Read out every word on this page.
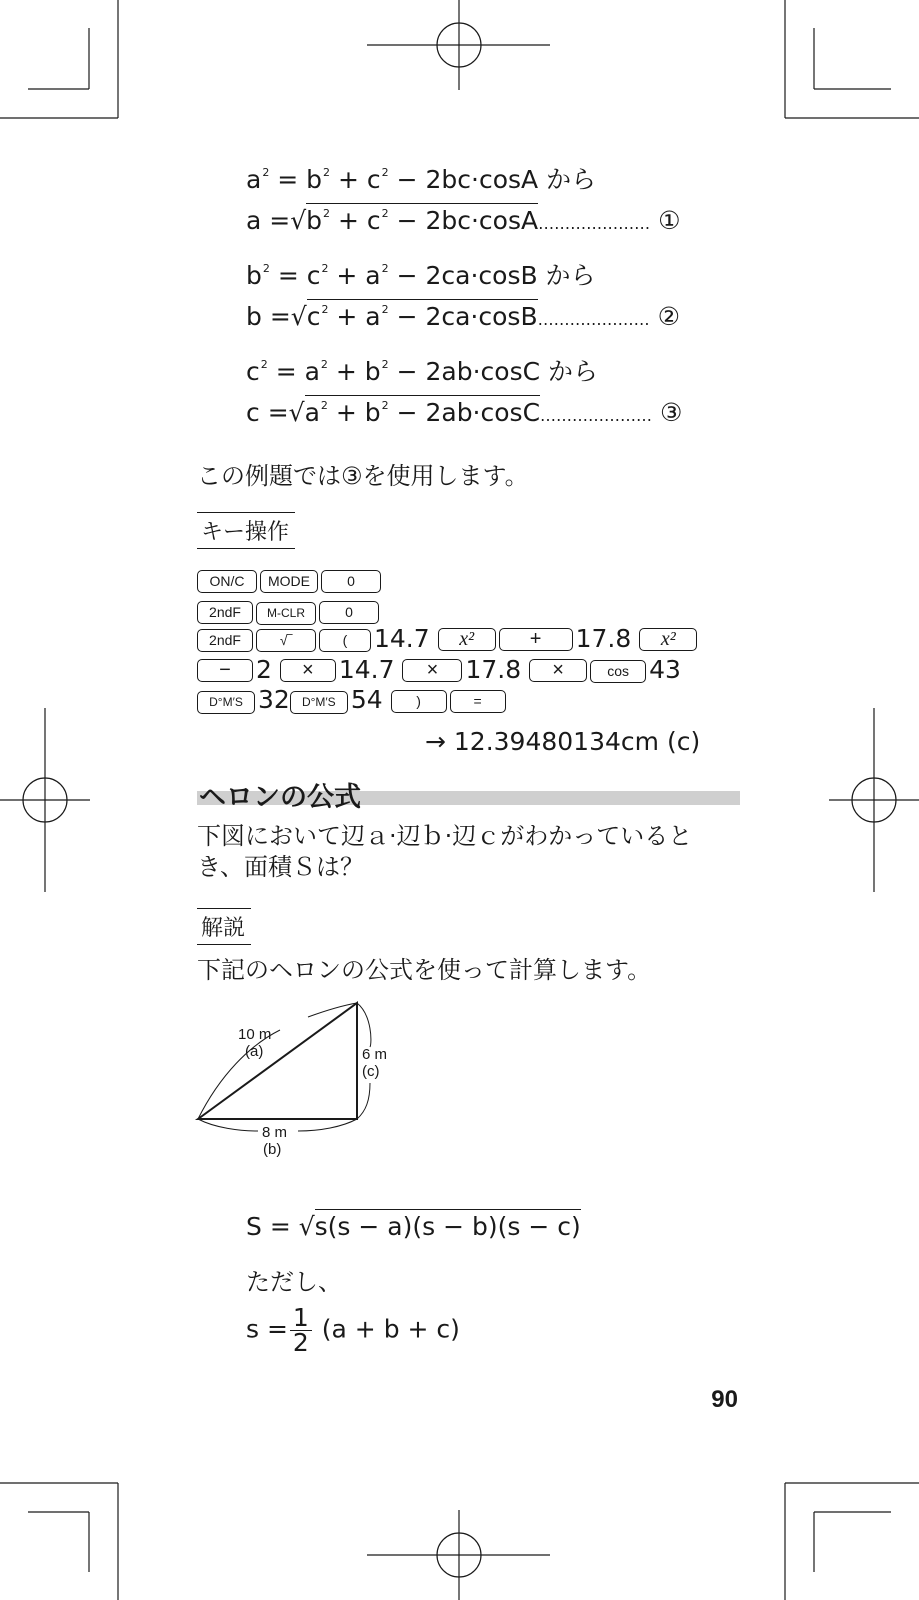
$a^2 = b^2 + c^2 - 2bc\cdot\cos A$ から
$a =√b^2 + c^2$ − 2bc·cosA………………… ①
$b^2 = c^2 + a^2 - 2ca\cdot\cos B$ から
$b =√c^2 + a^2$ − 2ca·cosB………………… ②
$c^2 = a^2 + b^2 - 2ab\cdot\cos C$ から
$c =√a^2 + b^2$ − 2ab·cosC………………… ③
この例題では③を使用します。
キー操作
ON/C MODE	0
2ndF M-CLR	0
2ndF	√‾	( 14.7 x²	+ 17.8 x²
− 2 × 14.7 × 17.8 ×	cos 43
D°M′S 32 D°M′S 54 )	=
→ 12.39480134cm (c)
ヘロンの公式
下図において辺ａ·辺ｂ·辺ｃがわかっていると
き、面積Ｓは？
解説
下記のヘロンの公式を使って計算します。
10 m
(a)	6 m
(c)
8 m
(b)
S = √s(s − a)(s − b)(s − c)
ただし、
$s = \frac{1}{2} (a + b + c)$
90
